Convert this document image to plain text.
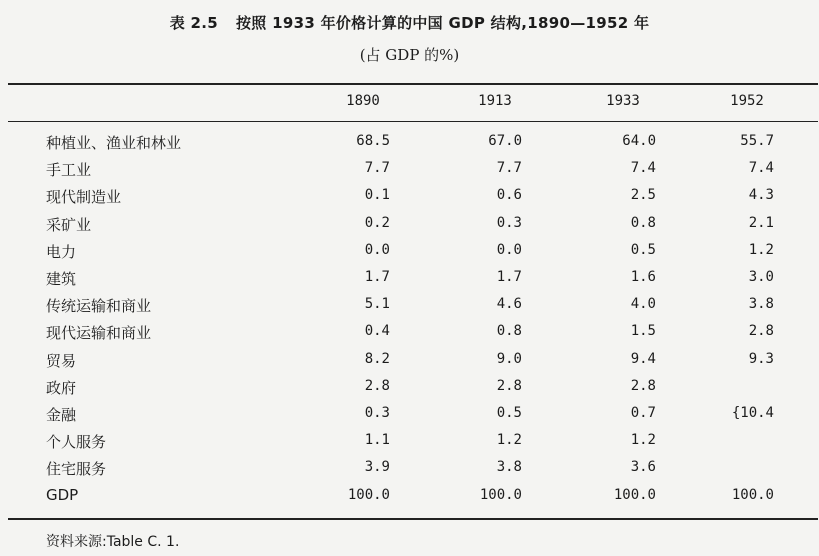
表 2.5 按照 1933 年价格计算的中国 GDP 结构,1890—1952 年
(占 GDP 的%)
1890	1913	1933	1952
种植业、渔业和林业	68.5	67.0	64.0	55.7
手工业	7.7	7.7	7.4	7.4
现代制造业	0.1	0.6	2.5	4.3
采矿业	0.2	0.3	0.8	2.1
电力	0.0	0.0	0.5	1.2
建筑	1.7	1.7	1.6	3.0
传统运输和商业	5.1	4.6	4.0	3.8
现代运输和商业	0.4	0.8	1.5	2.8
贸易	8.2	9.0	9.4	9.3
政府	2.8	2.8	2.8
金融	0.3	0.5	0.7	{10.4
个人服务	1.1	1.2	1.2
住宅服务	3.9	3.8	3.6
GDP	100.0	100.0	100.0	100.0
资料来源:Table C. 1.
